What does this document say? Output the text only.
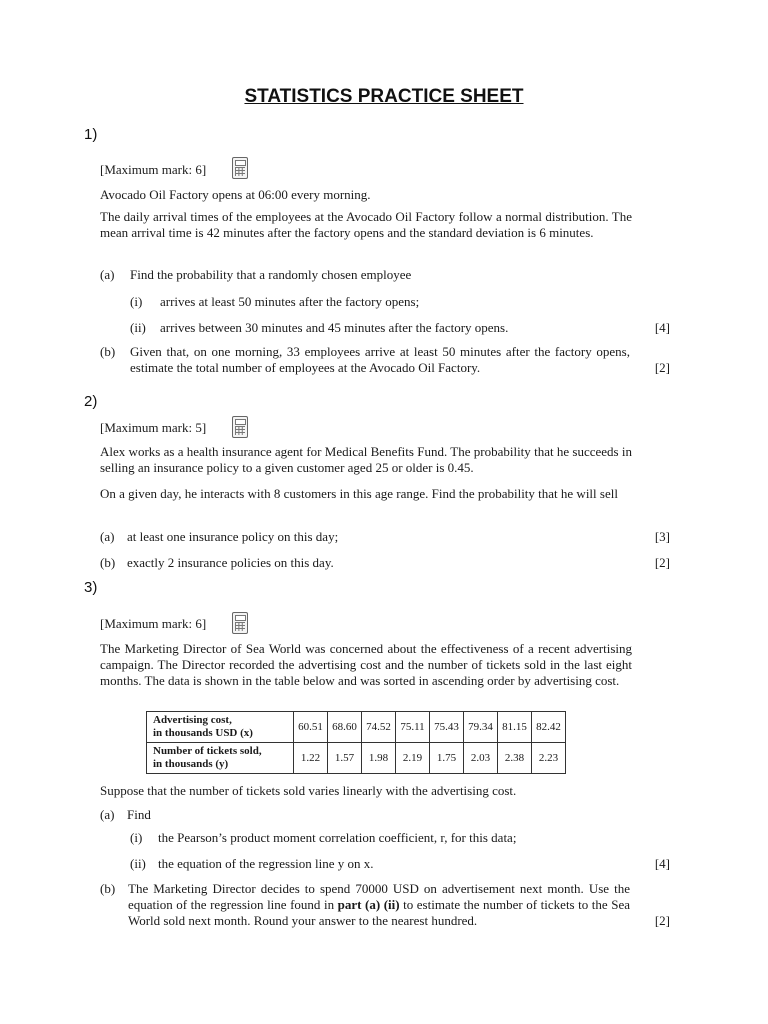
STATISTICS PRACTICE SHEET
1)
[Maximum mark: 6]
Avocado Oil Factory opens at 06:00 every morning.
The daily arrival times of the employees at the Avocado Oil Factory follow a normal distribution. The mean arrival time is 42 minutes after the factory opens and the standard deviation is 6 minutes.
(a) Find the probability that a randomly chosen employee
(i) arrives at least 50 minutes after the factory opens;
(ii) arrives between 30 minutes and 45 minutes after the factory opens.	[4]
(b) Given that, on one morning, 33 employees arrive at least 50 minutes after the factory opens, estimate the total number of employees at the Avocado Oil Factory.	[2]
2)
[Maximum mark: 5]
Alex works as a health insurance agent for Medical Benefits Fund. The probability that he succeeds in selling an insurance policy to a given customer aged 25 or older is 0.45.
On a given day, he interacts with 8 customers in this age range. Find the probability that he will sell
(a) at least one insurance policy on this day;	[3]
(b) exactly 2 insurance policies on this day.	[2]
3)
[Maximum mark: 6]
The Marketing Director of Sea World was concerned about the effectiveness of a recent advertising campaign. The Director recorded the advertising cost and the number of tickets sold in the last eight months. The data is shown in the table below and was sorted in ascending order by advertising cost.
Advertising cost,
in thousands USD (x)	60.51	68.60	74.52	75.11	75.43	79.34	81.15	82.42

Number of tickets sold,
in thousands (y)	1.22	1.57	1.98	2.19	1.75	2.03	2.38	2.23
Suppose that the number of tickets sold varies linearly with the advertising cost.
(a) Find
(i) the Pearson’s product moment correlation coefficient, r, for this data;
(ii) the equation of the regression line y on x.	[4]
(b) The Marketing Director decides to spend 70000 USD on advertisement next month. Use the equation of the regression line found in part (a) (ii) to estimate the number of tickets to the Sea World sold next month. Round your answer to the nearest hundred.	[2]
